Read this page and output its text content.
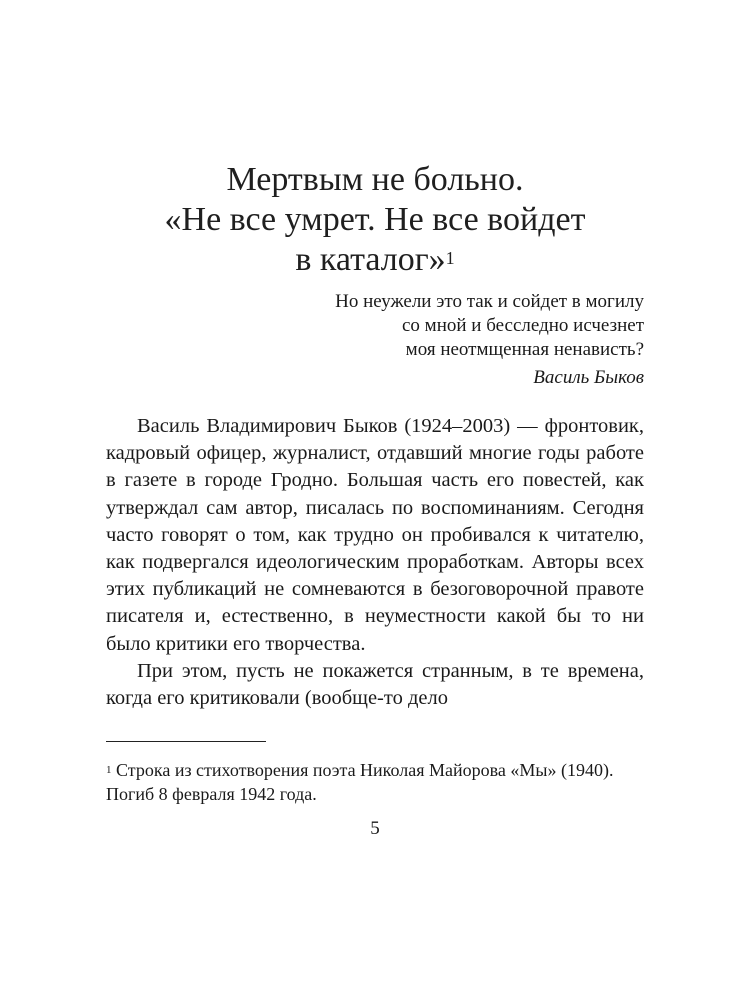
Мертвым не больно.
«Не все умрет. Не все войдет
в каталог»$^1$
Но неужели это так и сойдет в могилу
со мной и бесследно исчезнет
моя неотмщенная ненависть?
Василь Быков

Василь Владимирович Быков (1924–2003) — фронтовик, кадровый офицер, журналист, отдавший многие годы работе в газете в городе Гродно. Большая часть его повестей, как утверждал сам автор, писалась по воспоминаниям. Сегодня часто говорят о том, как трудно он пробивался к читателю, как подвергался идеологическим проработкам. Авторы всех этих публикаций не сомневаются в безоговорочной правоте писателя и, естественно, в неуместности какой бы то ни было критики его творчества.

При этом, пусть не покажется странным, в те времена, когда его критиковали (вообще-то дело

$^1$ Строка из стихотворения поэта Николая Майорова «Мы» (1940). Погиб 8 февраля 1942 года.
5
